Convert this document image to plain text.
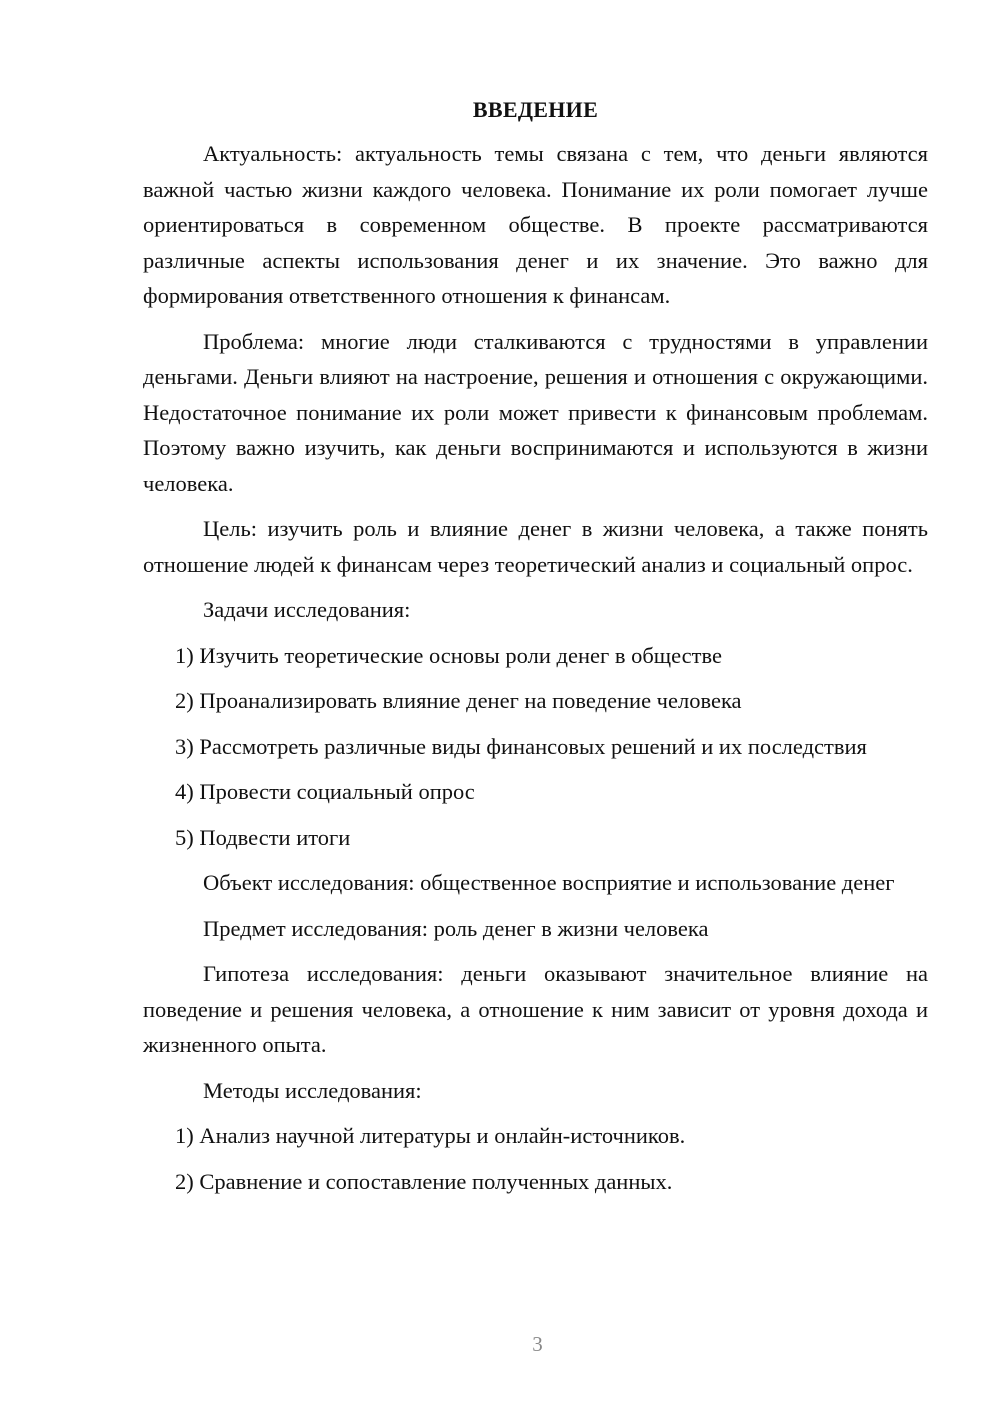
ВВЕДЕНИЕ

Актуальность: актуальность темы связана с тем, что деньги являются важной частью жизни каждого человека. Понимание их роли помогает лучше ориентироваться в современном обществе. В проекте рассматриваются различные аспекты использования денег и их значение. Это важно для формирования ответственного отношения к финансам.

Проблема: многие люди сталкиваются с трудностями в управлении деньгами. Деньги влияют на настроение, решения и отношения с окружающими. Недостаточное понимание их роли может привести к финансовым проблемам. Поэтому важно изучить, как деньги воспринимаются и используются в жизни человека.

Цель: изучить роль и влияние денег в жизни человека, а также понять отношение людей к финансам через теоретический анализ и социальный опрос.

Задачи исследования:

1) Изучить теоретические основы роли денег в обществе

2) Проанализировать влияние денег на поведение человека

3) Рассмотреть различные виды финансовых решений и их последствия

4) Провести социальный опрос

5) Подвести итоги

Объект исследования: общественное восприятие и использование денег

Предмет исследования: роль денег в жизни человека

Гипотеза исследования: деньги оказывают значительное влияние на поведение и решения человека, а отношение к ним зависит от уровня дохода и жизненного опыта.

Методы исследования:

1) Анализ научной литературы и онлайн-источников.

2) Сравнение и сопоставление полученных данных.

3
